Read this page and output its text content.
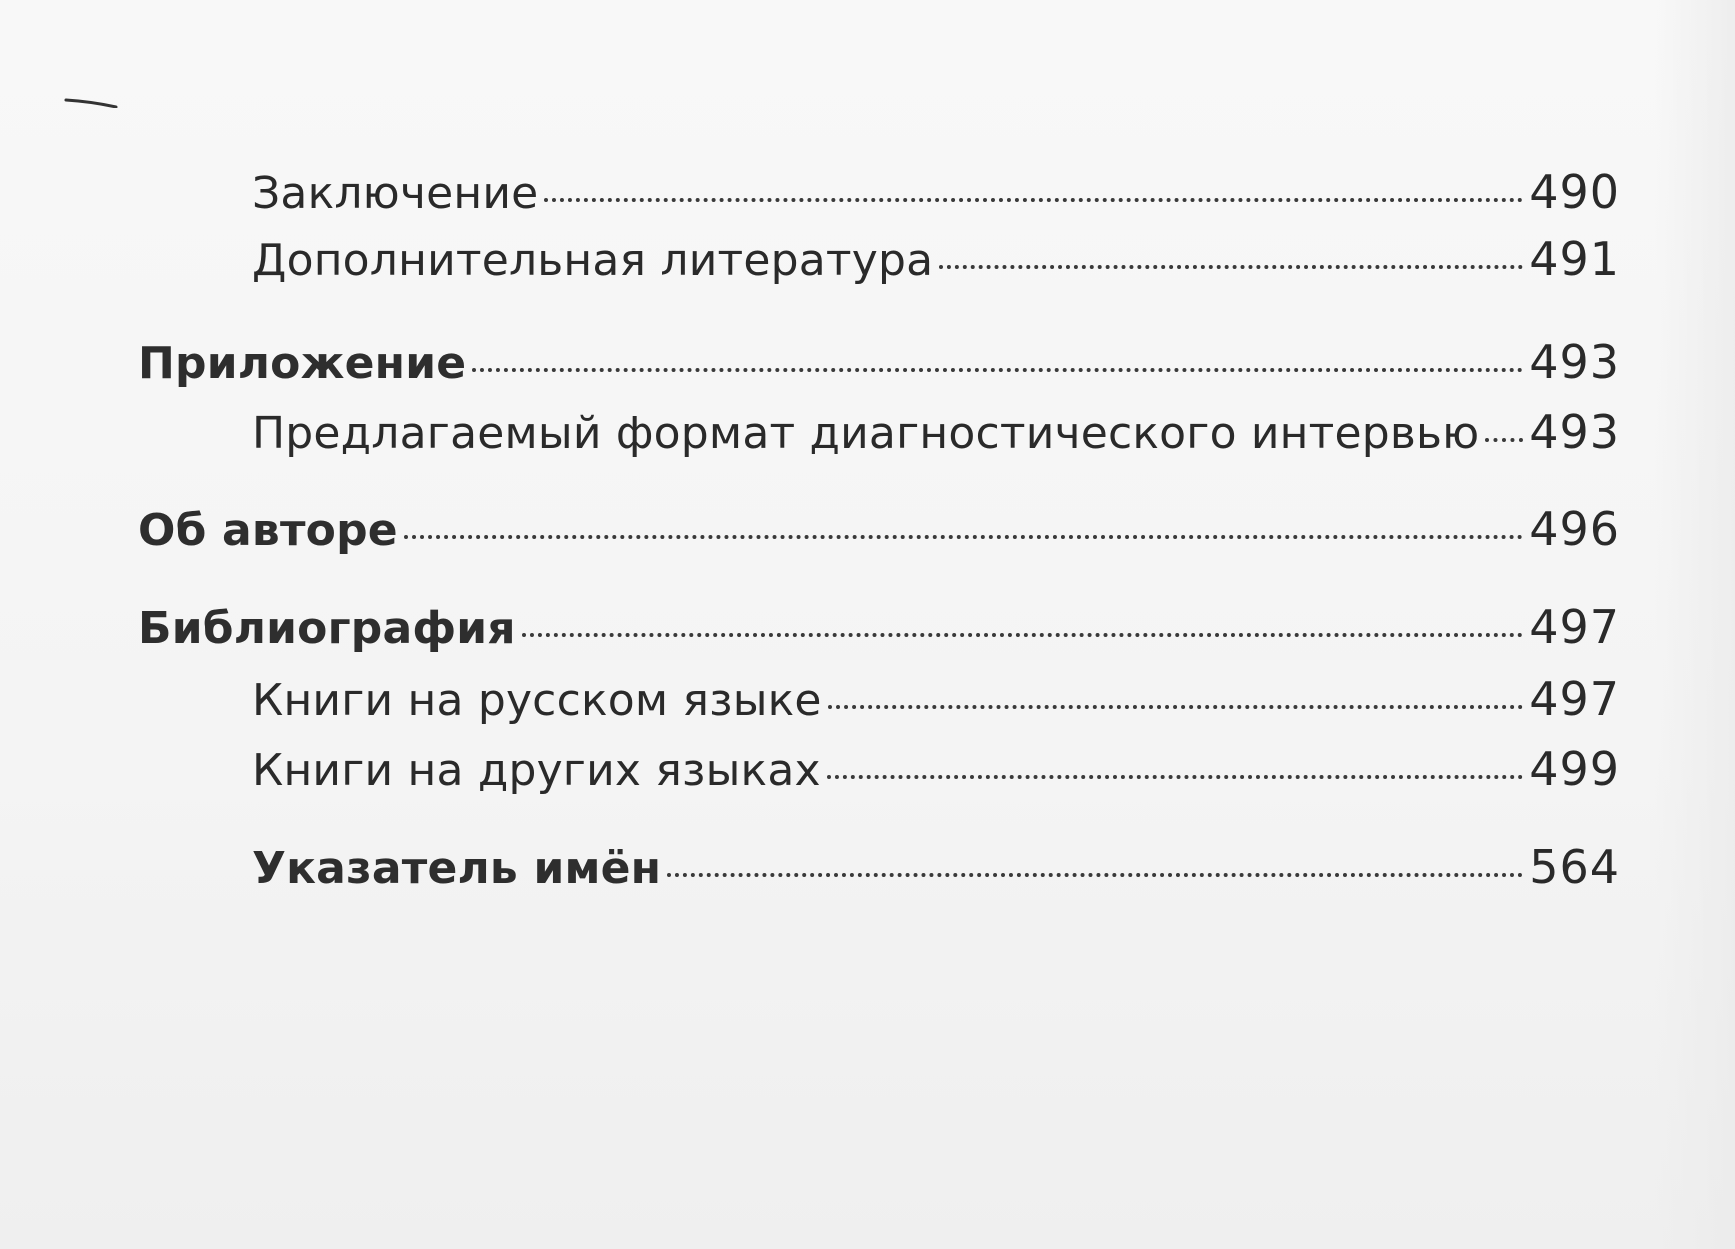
Заключение	490
Дополнительная литература	491
Приложение	493
Предлагаемый формат диагностического интервью 493
Об авторе	496
Библиография	497
Книги на русском языке	497
Книги на других языках	499
Указатель имён	564
